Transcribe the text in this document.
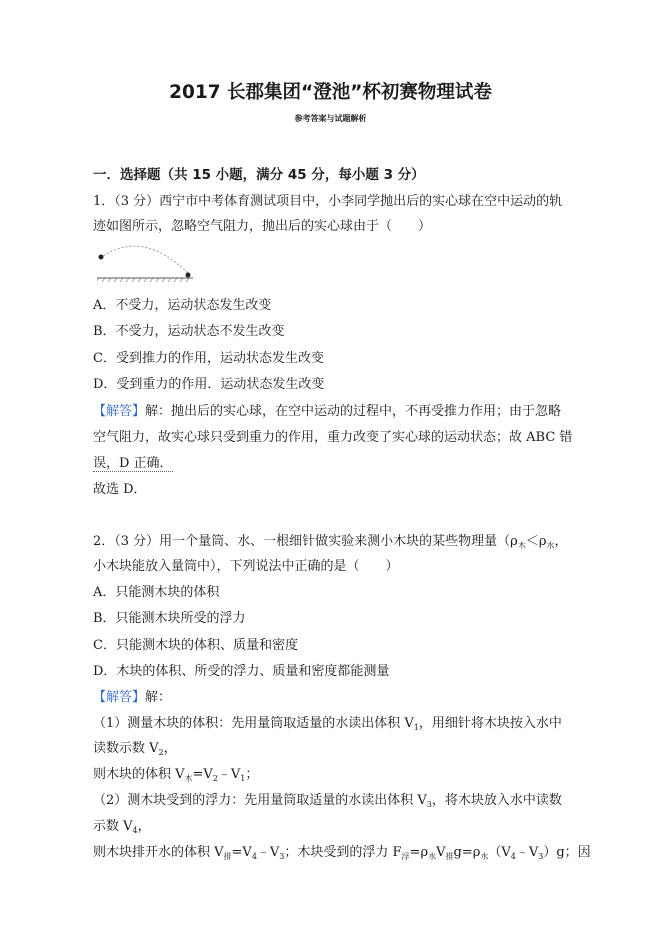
2017 长郡集团“澄池”杯初赛物理试卷
参考答案与试题解析
一．选择题（共 15 小题，满分 45 分，每小题 3 分）
1．（3 分）西宁市中考体育测试项目中，小李同学抛出后的实心球在空中运动的轨
迹如图所示，忽略空气阻力，抛出后的实心球由于（　　）
A．不受力，运动状态发生改变
B．不受力，运动状态不发生改变
C．受到推力的作用，运动状态发生改变
D．受到重力的作用．运动状态发生改变
【解答】解：抛出后的实心球，在空中运动的过程中，不再受推力作用；由于忽略
空气阻力，故实心球只受到重力的作用，重力改变了实心球的运动状态；故 ABC 错
误，D 正确．
故选 D．
2．（3 分）用一个量筒、水、一根细针做实验来测小木块的某些物理量（$\rho_木<\rho_水$，
小木块能放入量筒中），下列说法中正确的是（　　）
A．只能测木块的体积
B．只能测木块所受的浮力
C．只能测木块的体积、质量和密度
D．木块的体积、所受的浮力、质量和密度都能测量
【解答】解：
（1）测量木块的体积：先用量筒取适量的水读出体积 $V_1$，用细针将木块按入水中
读数示数 $V_2$，
则木块的体积 $V_木=V_2﹣V_1$；
（2）测木块受到的浮力：先用量筒取适量的水读出体积 $V_3$，将木块放入水中读数
示数 $V_4$，
则木块排开水的体积 $V_排=V_4﹣V_3$；木块受到的浮力 $F_浮=\rho_水V_排g=\rho_水(V_4﹣V_3)g$；因
